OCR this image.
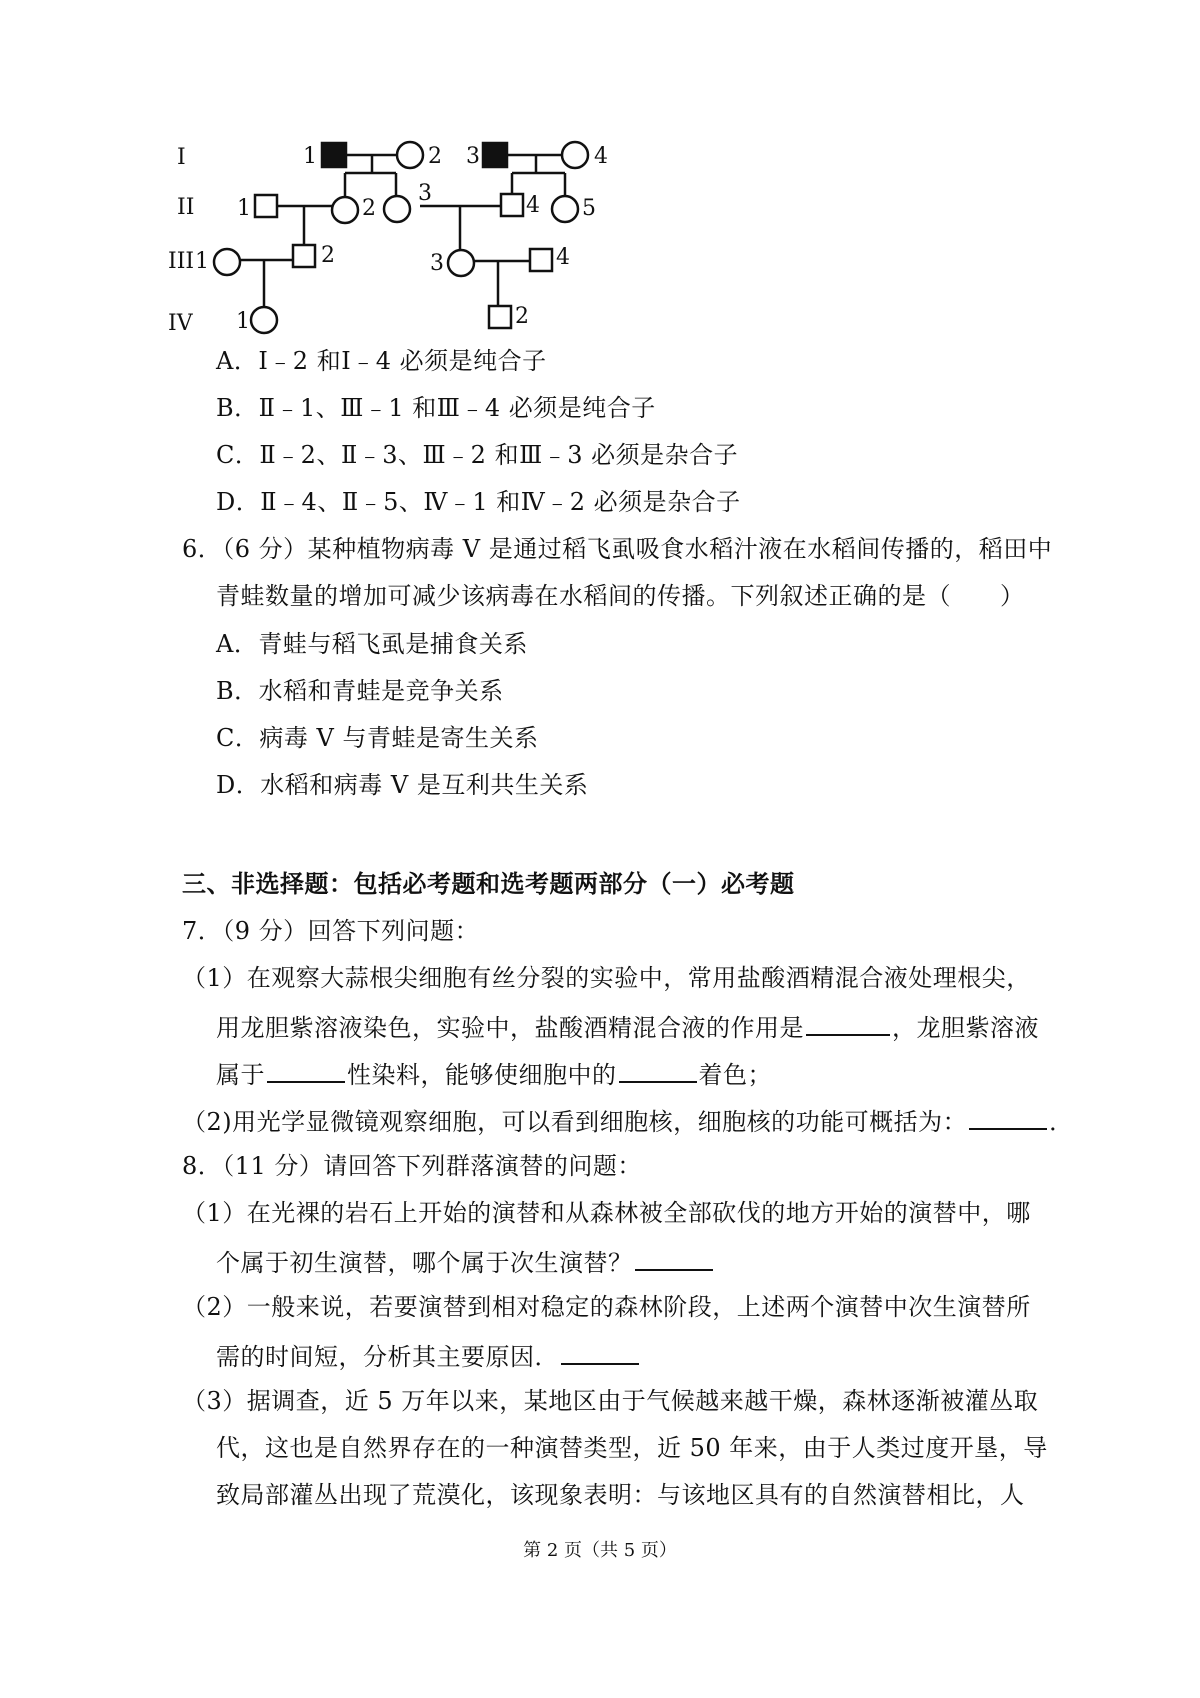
I
II
III
IV
1	2 3	4
1	2
3	4 5
1	2	3	4
1	2
A．Ⅰ﹣2 和Ⅰ﹣4 必须是纯合子
B．Ⅱ﹣1、Ⅲ﹣1 和Ⅲ﹣4 必须是纯合子
C．Ⅱ﹣2、Ⅱ﹣3、Ⅲ﹣2 和Ⅲ﹣3 必须是杂合子
D．Ⅱ﹣4、Ⅱ﹣5、Ⅳ﹣1 和Ⅳ﹣2 必须是杂合子
6．（6 分）某种植物病毒 V 是通过稻飞虱吸食水稻汁液在水稻间传播的，稻田中
青蛙数量的增加可减少该病毒在水稻间的传播。下列叙述正确的是（　　）
A．青蛙与稻飞虱是捕食关系
B．水稻和青蛙是竞争关系
C．病毒 V 与青蛙是寄生关系
D．水稻和病毒 V 是互利共生关系
三、非选择题：包括必考题和选考题两部分（一）必考题
7．（9 分）回答下列问题：
（1）在观察大蒜根尖细胞有丝分裂的实验中，常用盐酸酒精混合液处理根尖，
用龙胆紫溶液染色，实验中，盐酸酒精混合液的作用是	，龙胆紫溶液
属于	性染料，能够使细胞中的	着色；
（2)用光学显微镜观察细胞，可以看到细胞核，细胞核的功能可概括为：	．
8．（11 分）请回答下列群落演替的问题：
（1）在光裸的岩石上开始的演替和从森林被全部砍伐的地方开始的演替中，哪
个属于初生演替，哪个属于次生演替？
（2）一般来说，若要演替到相对稳定的森林阶段，上述两个演替中次生演替所
需的时间短，分析其主要原因．
（3）据调查，近 5 万年以来，某地区由于气候越来越干燥，森林逐渐被灌丛取
代，这也是自然界存在的一种演替类型，近 50 年来，由于人类过度开垦，导
致局部灌丛出现了荒漠化，该现象表明：与该地区具有的自然演替相比，人
第 2 页（共 5 页）
